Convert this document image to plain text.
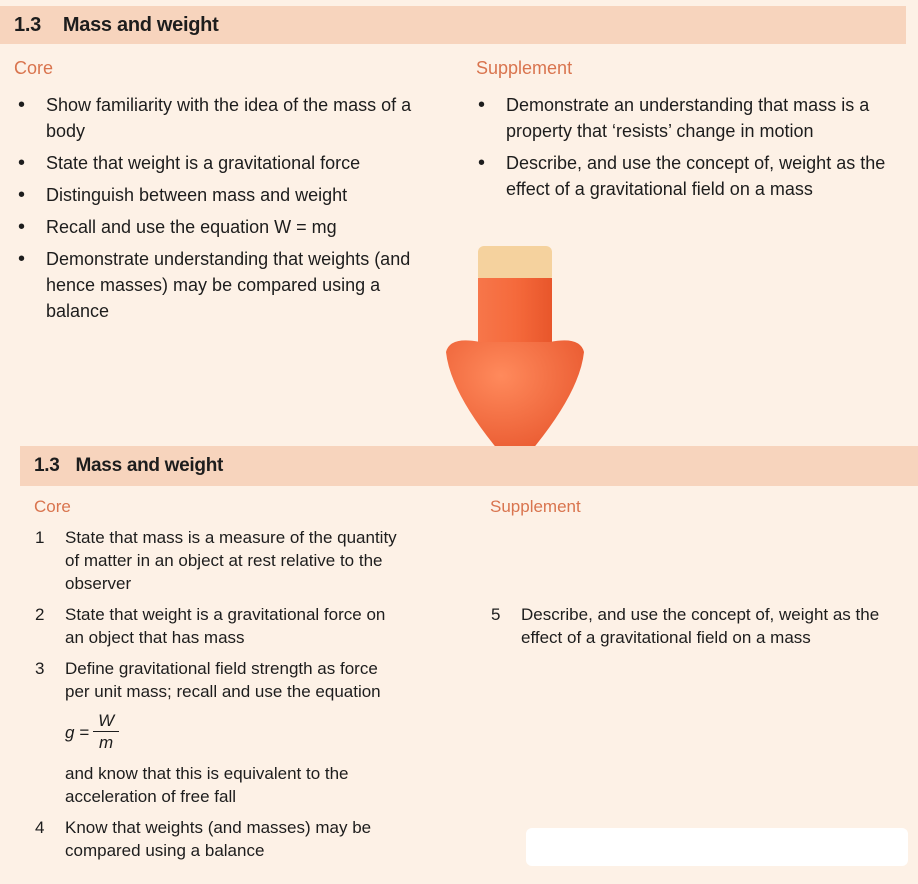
1.3 Mass and weight
Core	Supplement
• Show familiarity with the idea of the mass of a body
• State that weight is a gravitational force
• Distinguish between mass and weight
• Recall and use the equation W = mg
• Demonstrate understanding that weights (and hence masses) may be compared using a balance
• Demonstrate an understanding that mass is a property that ‘resists’ change in motion
• Describe, and use the concept of, weight as the effect of a gravitational field on a mass
1.3 Mass and weight
Core	Supplement
1 State that mass is a measure of the quantity of matter in an object at rest relative to the observer
2 State that weight is a gravitational force on an object that has mass
3 Define gravitational field strength as force per unit mass; recall and use the equation
$g = \frac{W}{m}$
and know that this is equivalent to the acceleration of free fall
4 Know that weights (and masses) may be compared using a balance
5 Describe, and use the concept of, weight as the effect of a gravitational field on a mass
